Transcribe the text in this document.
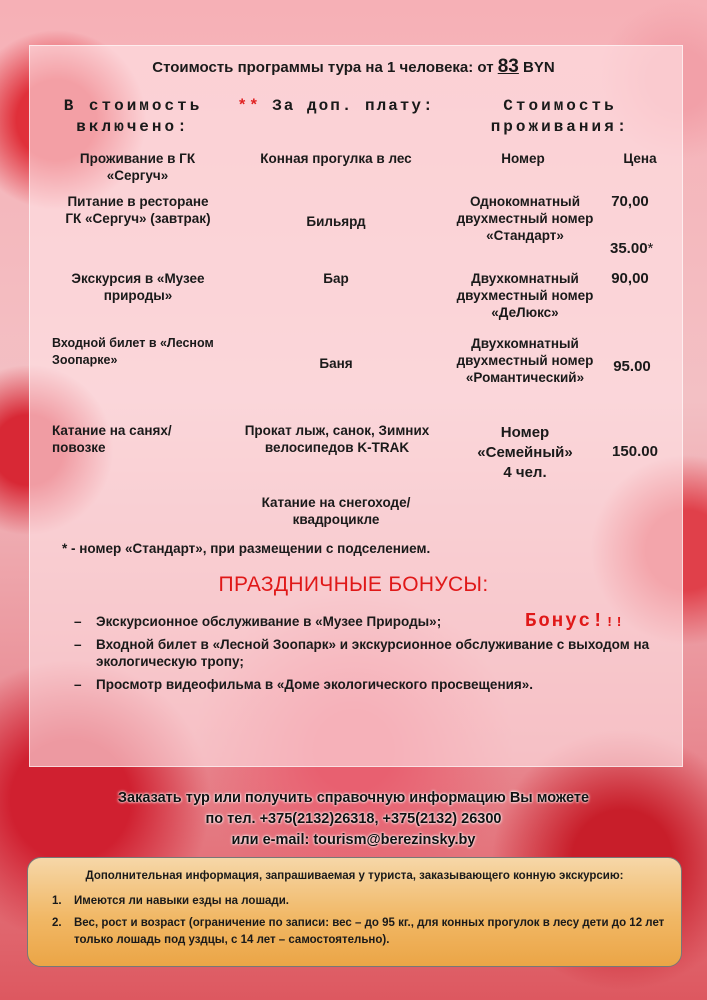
Стоимость программы тура на 1 человека: от 83 BYN
В стоимость
включено:
** За доп. плату:	Стоимость
проживания:
Проживание в ГК «Сергуч»
Питание в ресторане ГК «Сергуч» (завтрак)
Экскурсия в «Музее природы»
Входной билет в «Лесном Зоопарке»
Катание на санях/повозке
Конная прогулка в лес
Бильярд
Бар
Баня
Прокат лыж, санок, Зимних велосипедов K-TRAK
Катание на снегоходе/ квадроцикле
Номер	Цена
Однокомнатный двухместный номер «Стандарт»
70,00
35.00*
Двухкомнатный двухместный номер «ДеЛюкс»
90,00
Двухкомнатный двухместный номер «Романтический»
95.00
Номер
«Семейный»
4 чел.
150.00
* - номер «Стандарт», при размещении с подселением.
ПРАЗДНИЧНЫЕ БОНУСЫ:
Бонус!!!
– Экскурсионное обслуживание в «Музее Природы»;
– Входной билет в «Лесной Зоопарк» и экскурсионное обслуживание с выходом на экологическую тропу;
– Просмотр видеофильма в «Доме экологического просвещения».
Заказать тур или получить справочную информацию Вы можете
по тел. +375(2132)26318, +375(2132) 26300
или e-mail: tourism@berezinsky.by
Дополнительная информация, запрашиваемая у туриста, заказывающего конную экскурсию:
1. Имеются ли навыки езды на лошади.
2. Вес, рост и возраст (ограничение по записи: вес – до 95 кг., для конных прогулок в лесу дети до 12 лет только лошадь под уздцы, с 14 лет – самостоятельно).
